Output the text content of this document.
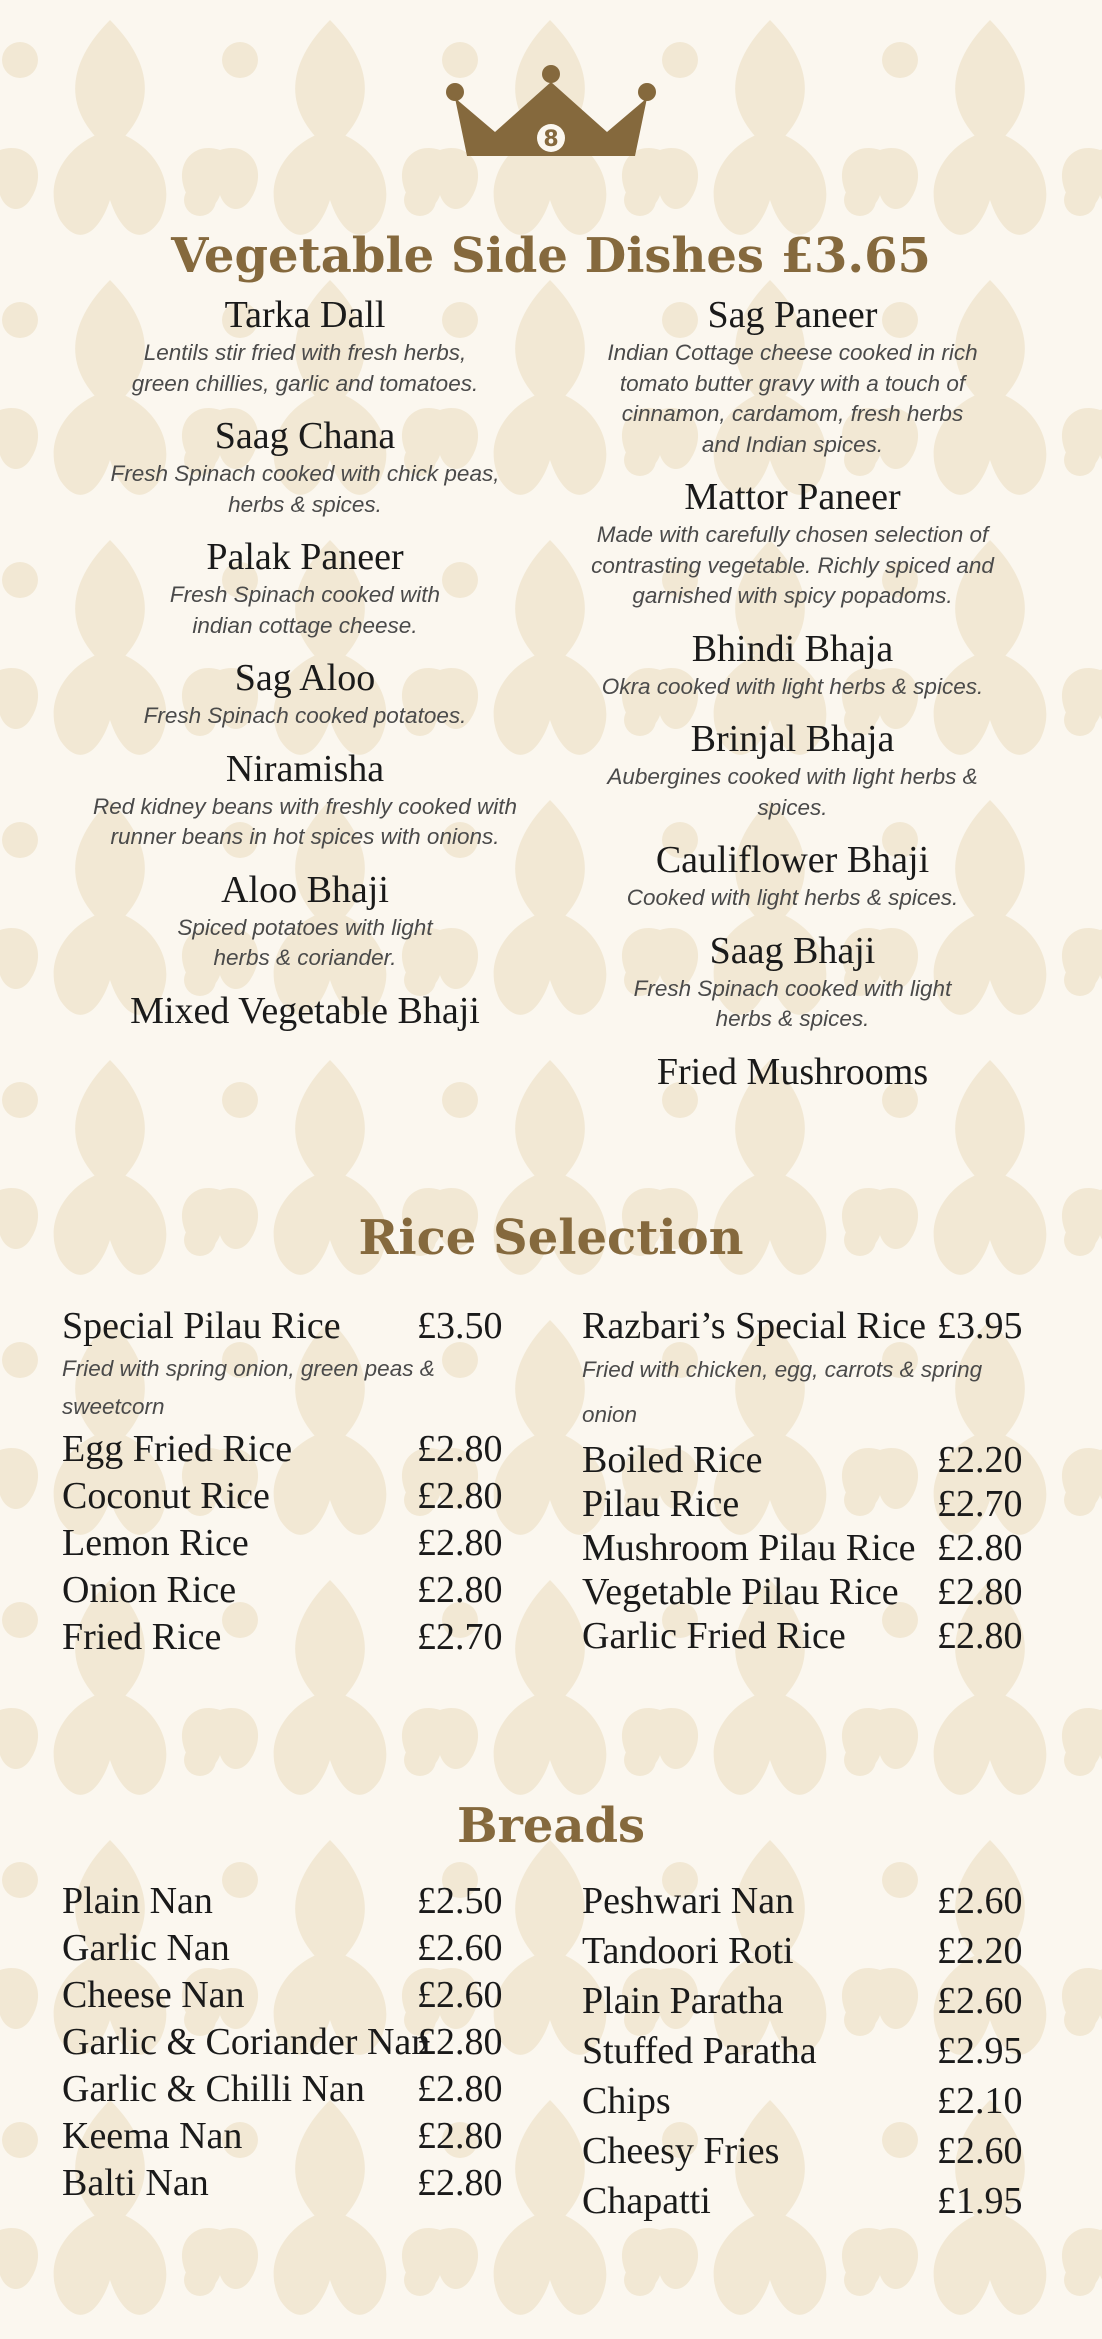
8
Vegetable Side Dishes £3.65
Tarka Dall
Lentils stir fried with fresh herbs,
green chillies, garlic and tomatoes.
Saag Chana
Fresh Spinach cooked with chick peas,
herbs & spices.
Palak Paneer
Fresh Spinach cooked with
indian cottage cheese.
Sag Aloo
Fresh Spinach cooked potatoes.
Niramisha
Red kidney beans with freshly cooked with
runner beans in hot spices with onions.
Aloo Bhaji
Spiced potatoes with light
herbs & coriander.
Mixed Vegetable Bhaji
Sag Paneer
Indian Cottage cheese cooked in rich
tomato butter gravy with a touch of
cinnamon, cardamom, fresh herbs
and Indian spices.
Mattor Paneer
Made with carefully chosen selection of
contrasting vegetable. Richly spiced and
garnished with spicy popadoms.
Bhindi Bhaja
Okra cooked with light herbs & spices.
Brinjal Bhaja
Aubergines cooked with light herbs &
spices.
Cauliflower Bhaji
Cooked with light herbs & spices.
Saag Bhaji
Fresh Spinach cooked with light
herbs & spices.
Fried Mushrooms
Rice Selection
Special Pilau Rice £3.50
Fried with spring onion, green peas &
sweetcorn
Egg Fried Rice	£2.80
Coconut Rice	£2.80
Lemon Rice	£2.80
Onion Rice	£2.80
Fried Rice	£2.70
Razbari’s Special Rice £3.95
Fried with chicken, egg, carrots & spring
onion
Boiled Rice	£2.20
Pilau Rice	£2.70
Mushroom Pilau Rice £2.80
Vegetable Pilau Rice £2.80
Garlic Fried Rice £2.80
Breads
Plain Nan	£2.50
Garlic Nan	£2.60
Cheese Nan	£2.60
Garlic & Coriander Nan
£2.80
Garlic & Chilli Nan £2.80
Keema Nan	£2.80
Balti Nan	£2.80
Peshwari Nan	£2.60
Tandoori Roti	£2.20
Plain Paratha	£2.60
Stuffed Paratha	£2.95
Chips	£2.10
Cheesy Fries	£2.60
Chapatti	£1.95
